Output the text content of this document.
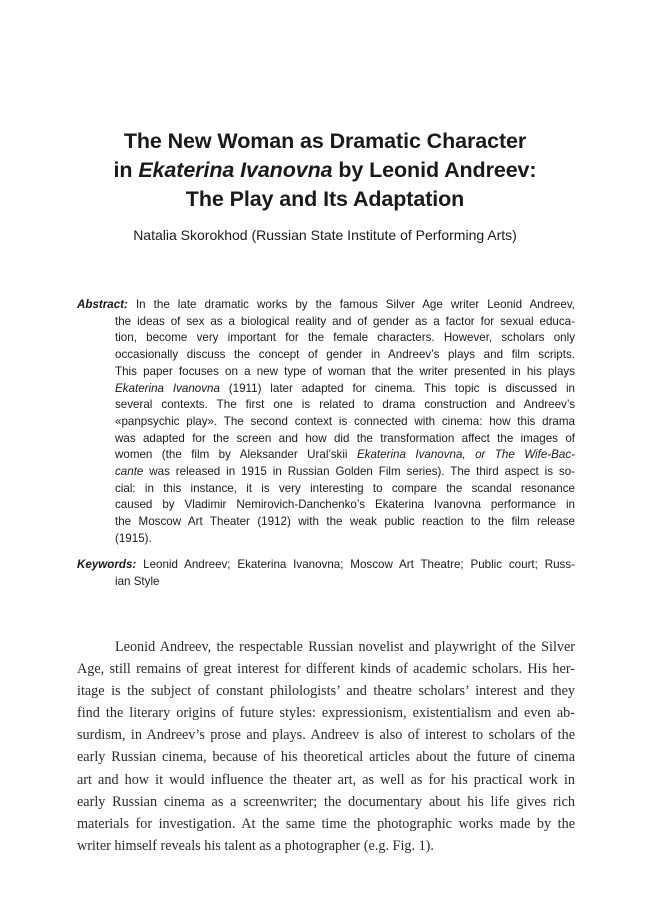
The New Woman as Dramatic Character
in Ekaterina Ivanovna by Leonid Andreev:
The Play and Its Adaptation
Natalia Skorokhod (Russian State Institute of Performing Arts)
Abstract: In the late dramatic works by the famous Silver Age writer Leonid Andreev,
the ideas of sex as a biological reality and of gender as a factor for sexual educa-
tion, become very important for the female characters. However, scholars only
occasionally discuss the concept of gender in Andreev’s plays and film scripts.
This paper focuses on a new type of woman that the writer presented in his plays
Ekaterina Ivanovna (1911) later adapted for cinema. This topic is discussed in
several contexts. The first one is related to drama construction and Andreev’s
«panpsychic play». The second context is connected with cinema: how this drama
was adapted for the screen and how did the transformation affect the images of
women (the film by Aleksander Ural’skii Ekaterina Ivanovna, or The Wife-Bac-
cante was released in 1915 in Russian Golden Film series). The third aspect is so-
cial: in this instance, it is very interesting to compare the scandal resonance
caused by Vladimir Nemirovich-Danchenko’s Ekaterina Ivanovna performance in
the Moscow Art Theater (1912) with the weak public reaction to the film release
(1915).
Keywords: Leonid Andreev; Ekaterina Ivanovna; Moscow Art Theatre; Public court; Russ-
ian Style
Leonid Andreev, the respectable Russian novelist and playwright of the Silver
Age, still remains of great interest for different kinds of academic scholars. His her-
itage is the subject of constant philologists’ and theatre scholars’ interest and they
find the literary origins of future styles: expressionism, existentialism and even ab-
surdism, in Andreev’s prose and plays. Andreev is also of interest to scholars of the
early Russian cinema, because of his theoretical articles about the future of cinema
art and how it would influence the theater art, as well as for his practical work in
early Russian cinema as a screenwriter; the documentary about his life gives rich
materials for investigation. At the same time the photographic works made by the
writer himself reveals his talent as a photographer (e.g. Fig. 1).
